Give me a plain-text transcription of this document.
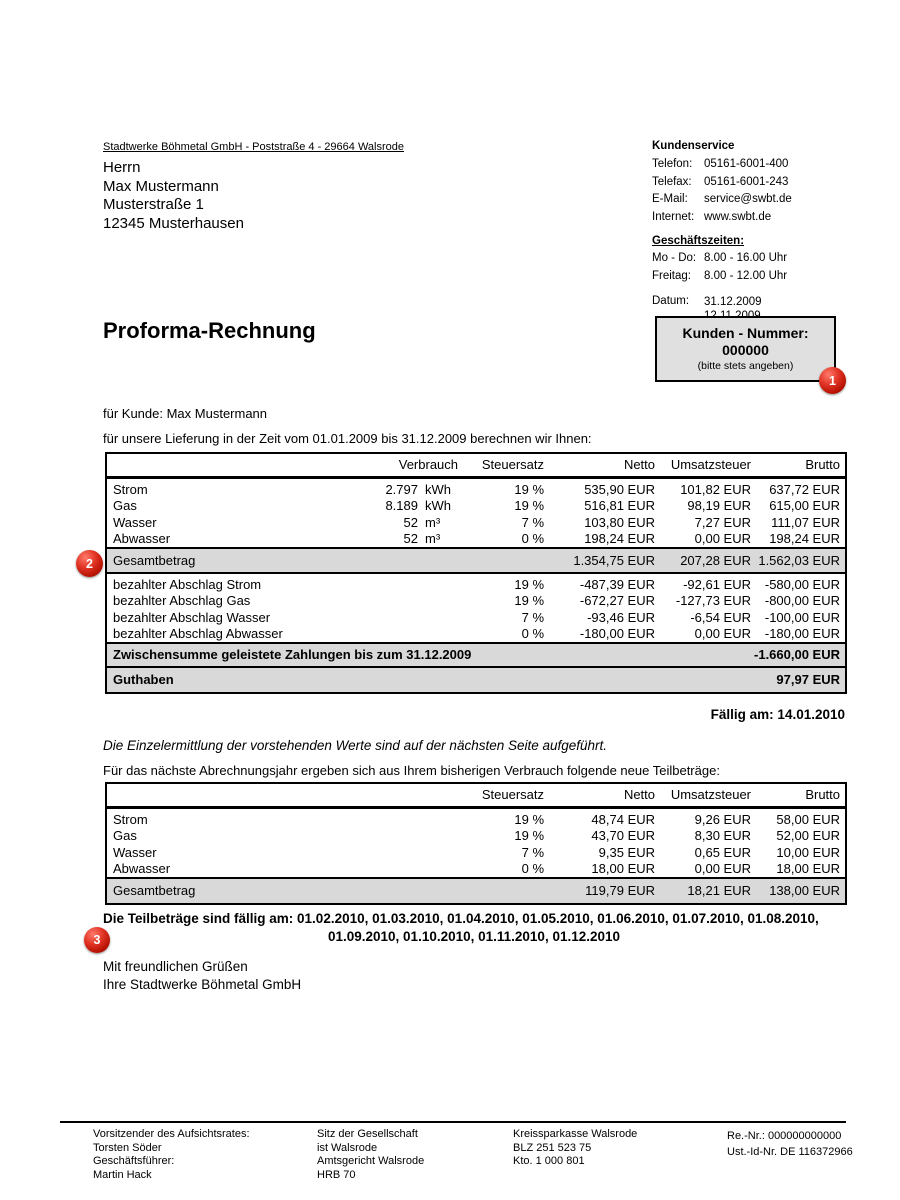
Stadtwerke Böhmetal GmbH - Poststraße 4 - 29664 Walsrode
Herrn
Max Mustermann
Musterstraße 1
12345 Musterhausen
Kundenservice
Telefon:	05161-6001-400
Telefax:	05161-6001-243
E-Mail:	service@swbt.de
Internet: www.swbt.de
Geschäftszeiten:
Mo - Do: 8.00 - 16.00 Uhr
Freitag:	8.00 - 12.00 Uhr
Datum:	31.12.2009
Kunden - Nummer:
000000
(bitte stets angeben)
1
Proforma-Rechnung
für Kunde: Max Mustermann
für unsere Lieferung in der Zeit vom 01.01.2009 bis 31.12.2009 berechnen wir Ihnen:
	Verbrauch		Steuersatz	Netto	Umsatzsteuer	Brutto
Strom	2.797	kWh	19 %	535,90 EUR	101,82 EUR	637,72 EUR
Gas	8.189	kWh	19 %	516,81 EUR	98,19 EUR	615,00 EUR
Wasser	52	m³	7 %	103,80 EUR	7,27 EUR	111,07 EUR
Abwasser	52	m³	0 %	198,24 EUR	0,00 EUR	198,24 EUR
Gesamtbetrag				1.354,75 EUR	207,28 EUR	1.562,03 EUR
bezahlter Abschlag Strom			19 %	-487,39 EUR	-92,61 EUR	-580,00 EUR
bezahlter Abschlag Gas			19 %	-672,27 EUR	-127,73 EUR	-800,00 EUR
bezahlter Abschlag Wasser			7 %	-93,46 EUR	-6,54 EUR	-100,00 EUR
bezahlter Abschlag Abwasser			0 %	-180,00 EUR	0,00 EUR	-180,00 EUR
Zwischensumme geleistete Zahlungen bis zum 31.12.2009						-1.660,00 EUR
Guthaben						97,97 EUR
2
Fällig am: 14.01.2010
Die Einzelermittlung der vorstehenden Werte sind auf der nächsten Seite aufgeführt.
Für das nächste Abrechnungsjahr ergeben sich aus Ihrem bisherigen Verbrauch folgende neue Teilbeträge:
	Steuersatz	Netto	Umsatzsteuer	Brutto
Strom	19 %	48,74 EUR	9,26 EUR	58,00 EUR
Gas	19 %	43,70 EUR	8,30 EUR	52,00 EUR
Wasser	7 %	9,35 EUR	0,65 EUR	10,00 EUR
Abwasser	0 %	18,00 EUR	0,00 EUR	18,00 EUR
Gesamtbetrag		119,79 EUR	18,21 EUR	138,00 EUR
Die Teilbeträge sind fällig am: 01.02.2010, 01.03.2010, 01.04.2010, 01.05.2010, 01.06.2010, 01.07.2010, 01.08.2010,
01.09.2010, 01.10.2010, 01.11.2010, 01.12.2010
3
Mit freundlichen Grüßen
Ihre Stadtwerke Böhmetal GmbH
Vorsitzender des Aufsichtsrates:
Torsten Söder
Geschäftsführer:
Martin Hack
Sitz der Gesellschaft
ist Walsrode
Amtsgericht Walsrode
HRB 70
Kreissparkasse Walsrode
BLZ 251 523 75
Kto. 1 000 801
Re.-Nr.: 000000000000
Ust.-Id-Nr. DE 116372966
